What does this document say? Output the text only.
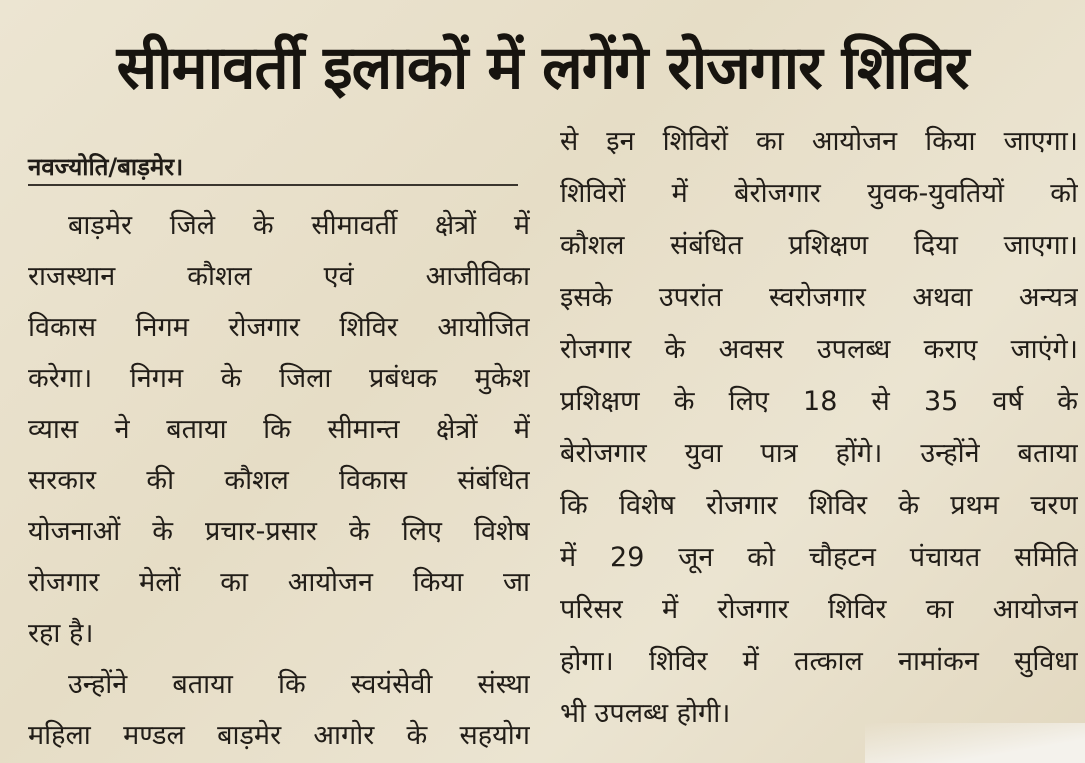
सीमावर्ती इलाकों में लगेंगे रोजगार शिविर
नवज्योति/बाड़मेर।
बाड़मेर जिले के सीमावर्ती क्षेत्रों में
राजस्थान कौशल एवं आजीविका
विकास निगम रोजगार शिविर आयोजित
करेगा। निगम के जिला प्रबंधक मुकेश
व्यास ने बताया कि सीमान्त क्षेत्रों में
सरकार की कौशल विकास संबंधित
योजनाओं के प्रचार-प्रसार के लिए विशेष
रोजगार मेलों का आयोजन किया जा
रहा है।
उन्होंने बताया कि स्वयंसेवी संस्था
महिला मण्डल बाड़मेर आगोर के सहयोग
से इन शिविरों का आयोजन किया जाएगा।
शिविरों में बेरोजगार युवक-युवतियों को
कौशल संबंधित प्रशिक्षण दिया जाएगा।
इसके उपरांत स्वरोजगार अथवा अन्यत्र
रोजगार के अवसर उपलब्ध कराए जाएंगे।
प्रशिक्षण के लिए 18 से 35 वर्ष के
बेरोजगार युवा पात्र होंगे। उन्होंने बताया
कि विशेष रोजगार शिविर के प्रथम चरण
में 29 जून को चौहटन पंचायत समिति
परिसर में रोजगार शिविर का आयोजन
होगा। शिविर में तत्काल नामांकन सुविधा
भी उपलब्ध होगी।
